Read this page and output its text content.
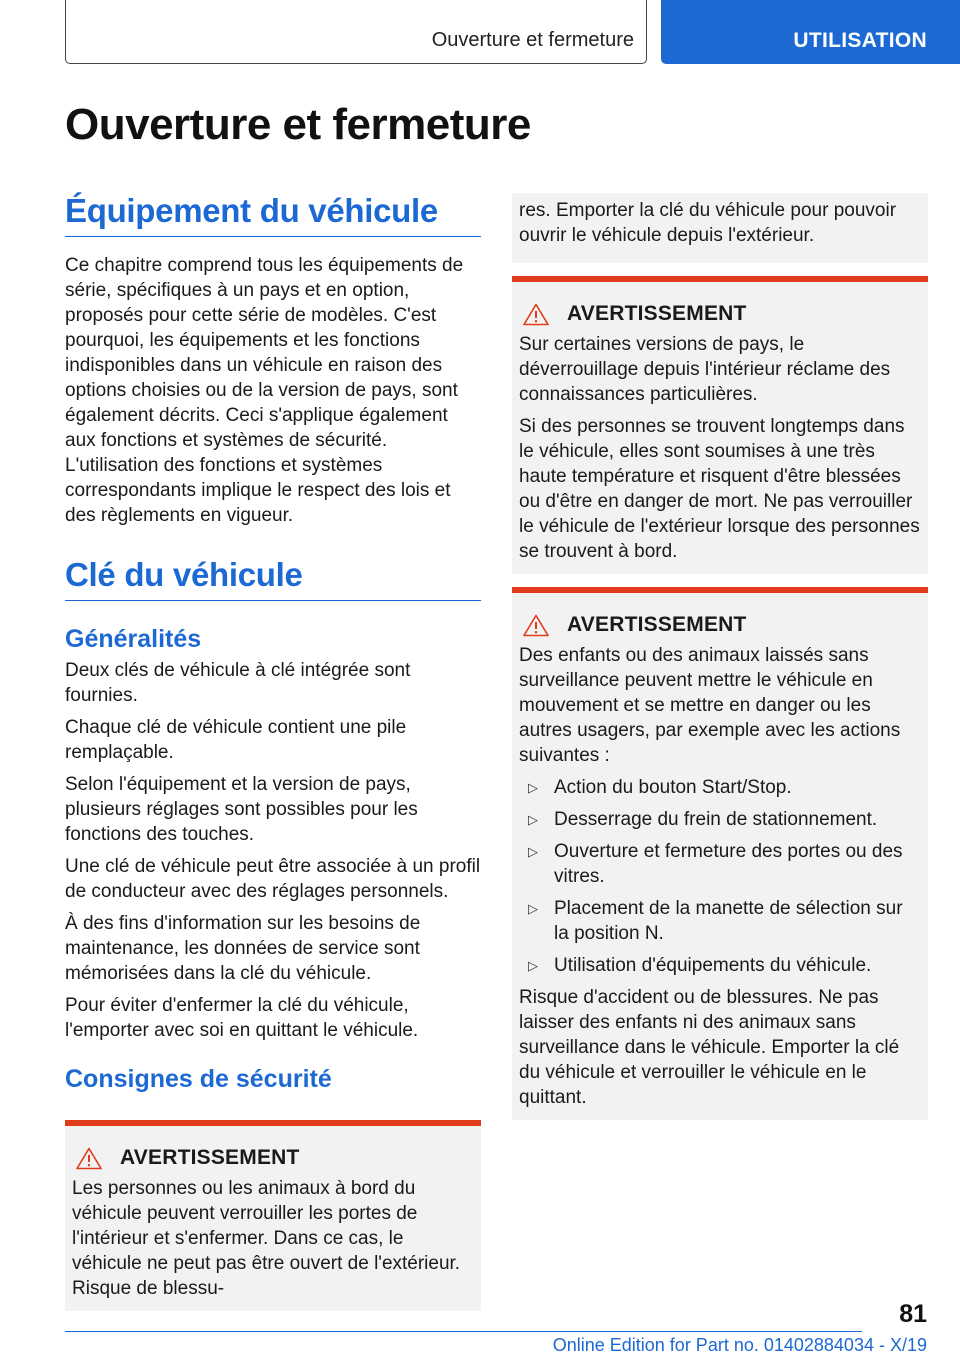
Ouverture et fermeture	UTILISATION
Ouverture et fermeture
Équipement du véhicule

Ce chapitre comprend tous les équipements de série, spécifiques à un pays et en option, proposés pour cette série de modèles. C'est pourquoi, les équipements et les fonctions indisponibles dans un véhicule en raison des options choisies ou de la version de pays, sont également décrits. Ceci s'applique également aux fonctions et systèmes de sécurité. L'utilisation des fonctions et systèmes correspondants implique le respect des lois et des règlements en vigueur.

Clé du véhicule
Généralités

Deux clés de véhicule à clé intégrée sont fournies.

Chaque clé de véhicule contient une pile remplaçable.

Selon l'équipement et la version de pays, plusieurs réglages sont possibles pour les fonctions des touches.

Une clé de véhicule peut être associée à un profil de conducteur avec des réglages personnels.

À des fins d'information sur les besoins de maintenance, les données de service sont mémorisées dans la clé du véhicule.

Pour éviter d'enfermer la clé du véhicule, l'emporter avec soi en quittant le véhicule.

Consignes de sécurité
AVERTISSEMENT

Les personnes ou les animaux à bord du véhicule peuvent verrouiller les portes de l'intérieur et s'enfermer. Dans ce cas, le véhicule ne peut pas être ouvert de l'extérieur. Risque de blessu-

res. Emporter la clé du véhicule pour pouvoir ouvrir le véhicule depuis l'extérieur.

AVERTISSEMENT

Sur certaines versions de pays, le déverrouillage depuis l'intérieur réclame des connaissances particulières.

Si des personnes se trouvent longtemps dans le véhicule, elles sont soumises à une très haute température et risquent d'être blessées ou d'être en danger de mort. Ne pas verrouiller le véhicule de l'extérieur lorsque des personnes se trouvent à bord.

AVERTISSEMENT

Des enfants ou des animaux laissés sans surveillance peuvent mettre le véhicule en mouvement et se mettre en danger ou les autres usagers, par exemple avec les actions suivantes :

▷ Action du bouton Start/Stop.
▷ Desserrage du frein de stationnement.
▷ Ouverture et fermeture des portes ou des vitres.
▷ Placement de la manette de sélection sur la position N.
▷ Utilisation d'équipements du véhicule.

Risque d'accident ou de blessures. Ne pas laisser des enfants ni des animaux sans surveillance dans le véhicule. Emporter la clé du véhicule et verrouiller le véhicule en le quittant.

81
Online Edition for Part no. 01402884034 - X/19
